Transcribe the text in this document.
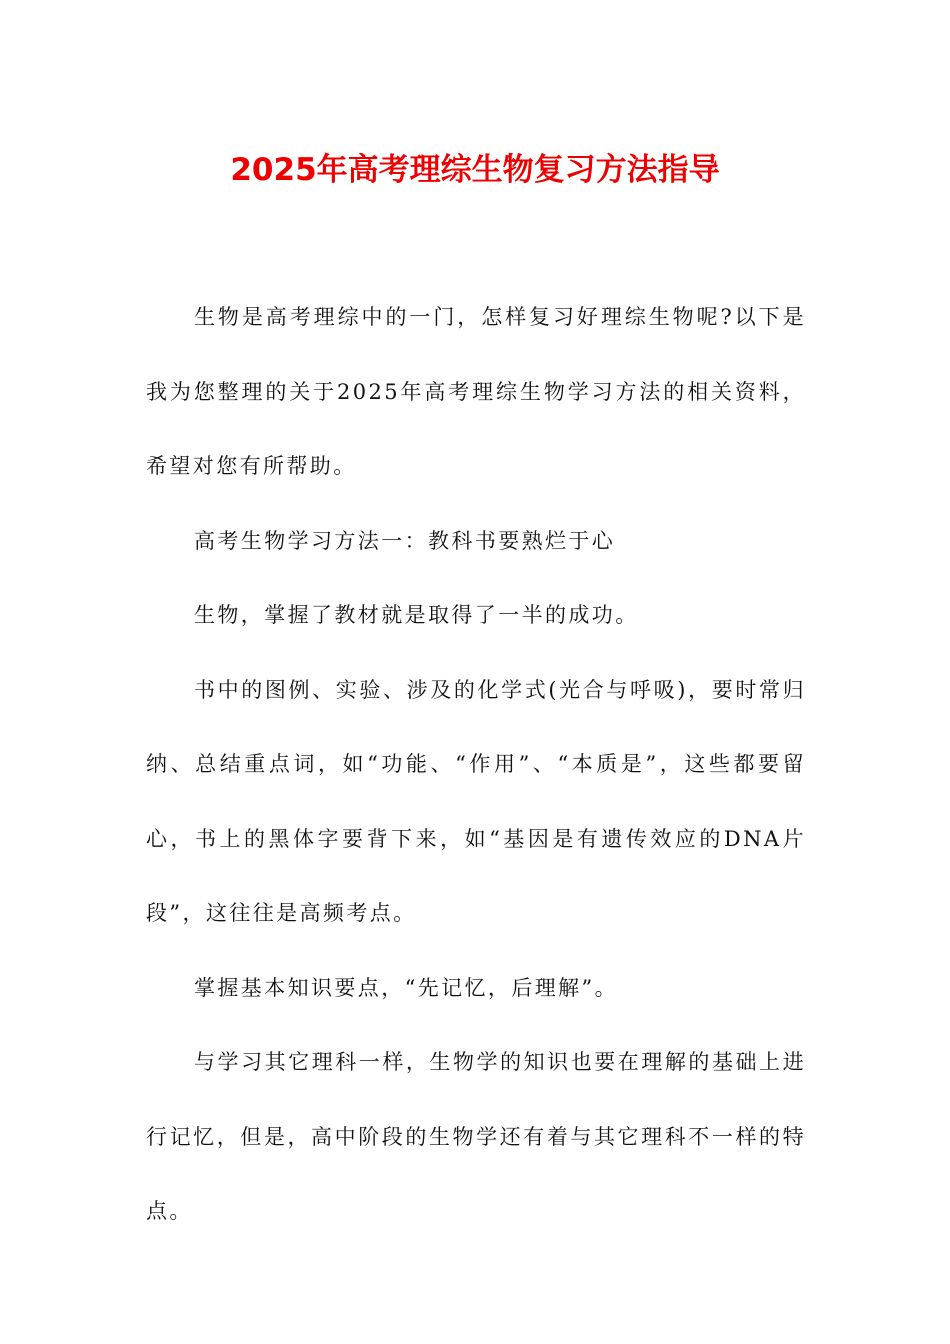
2025年高考理综生物复习方法指导

生物是高考理综中的一门，怎样复习好理综生物呢?以下是我为您整理的关于2025年高考理综生物学习方法的相关资料，希望对您有所帮助。

高考生物学习方法一：教科书要熟烂于心

生物，掌握了教材就是取得了一半的成功。

书中的图例、实验、涉及的化学式(光合与呼吸)，要时常归纳、总结重点词，如“功能、“作用”、“本质是”，这些都要留心，书上的黑体字要背下来，如“基因是有遗传效应的DNA片段”，这往往是高频考点。

掌握基本知识要点，“先记忆，后理解”。

与学习其它理科一样，生物学的知识也要在理解的基础上进行记忆，但是，高中阶段的生物学还有着与其它理科不一样的特点。
